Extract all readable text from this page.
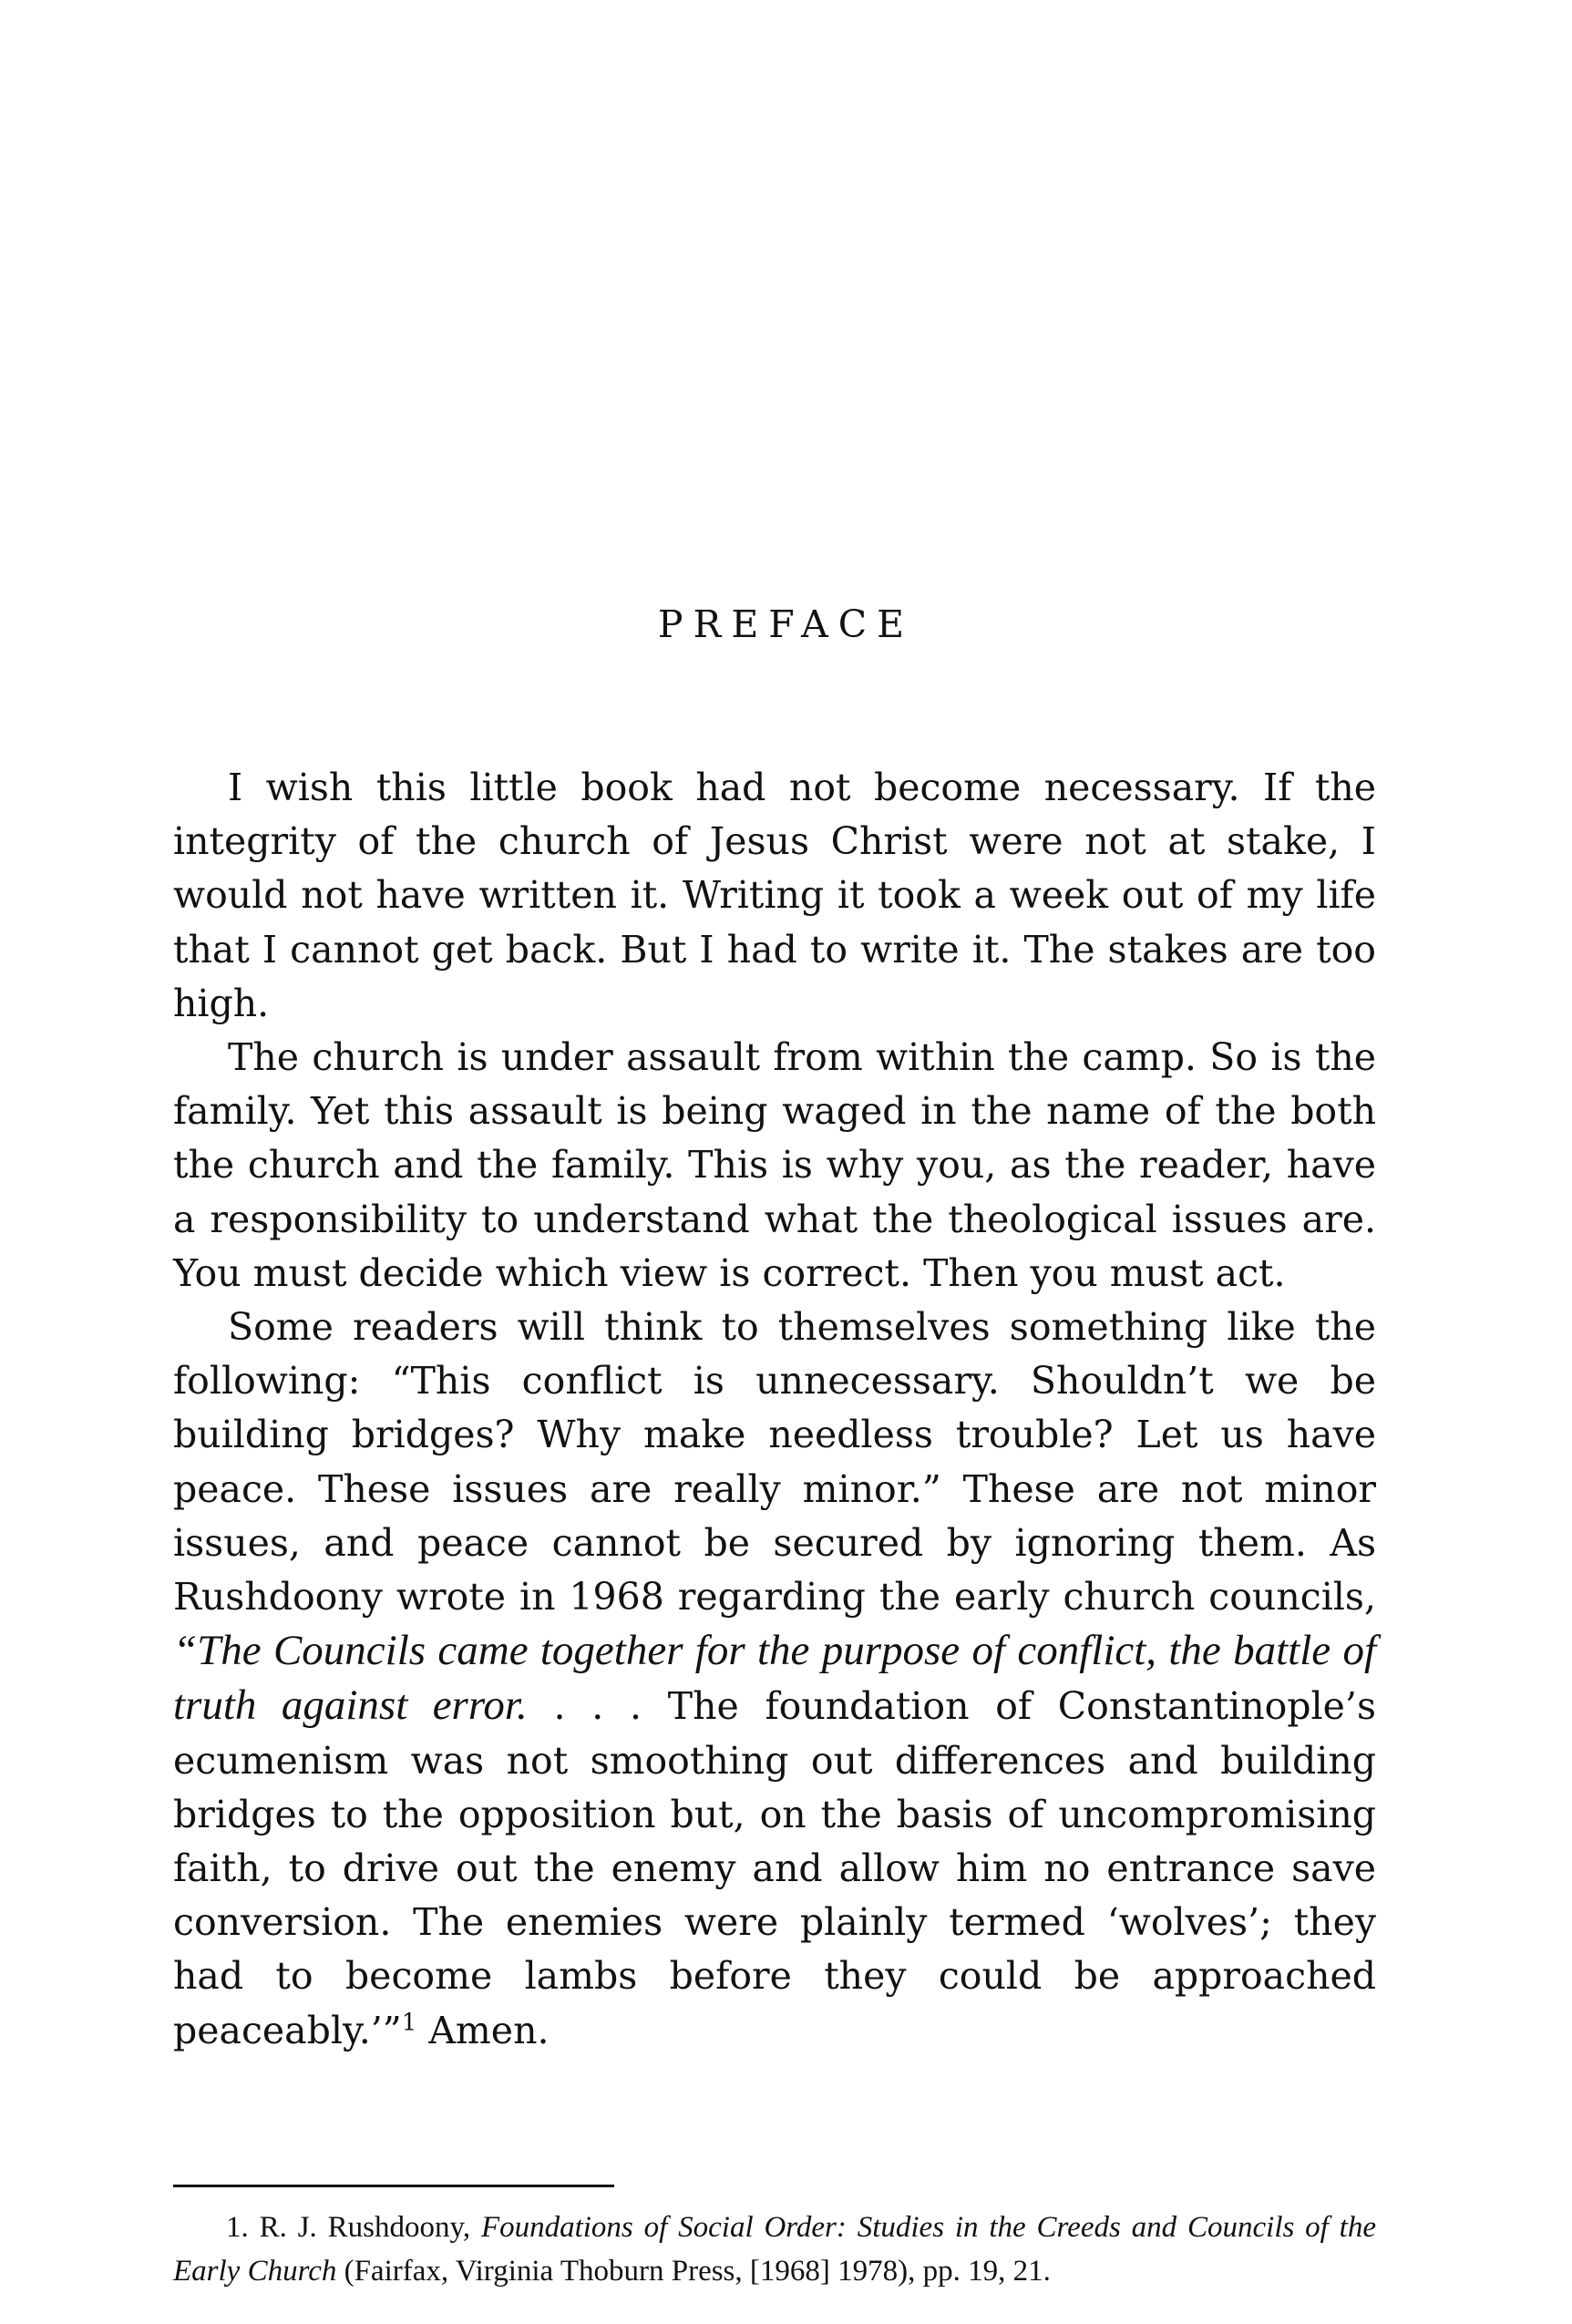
PREFACE

I wish this little book had not become necessary. If the integrity of the church of Jesus Christ were not at stake, I would not have written it. Writing it took a week out of my life that I cannot get back. But I had to write it. The stakes are too high.

The church is under assault from within the camp. So is the family. Yet this assault is being waged in the name of the both the church and the family. This is why you, as the reader, have a responsibility to understand what the theological issues are. You must decide which view is correct. Then you must act.

Some readers will think to themselves something like the following: “This conflict is unnecessary. Shouldn’t we be building bridges? Why make needless trouble? Let us have peace. These issues are really minor.” These are not minor issues, and peace cannot be secured by ignoring them. As Rushdoony wrote in 1968 regarding the early church councils, “The Councils came together for the purpose of conflict, the battle of truth against error. . . . The foundation of Constantinople’s ecumenism was not smoothing out differences and building bridges to the opposition but, on the basis of uncompromising faith, to drive out the enemy and allow him no entrance save conversion. The enemies were plainly termed ‘wolves’; they had to become lambs before they could be approached peaceably.’”$^1$ Amen.

1. R. J. Rushdoony, Foundations of Social Order: Studies in the Creeds and Councils of the Early Church (Fairfax, Virginia Thoburn Press, [1968] 1978), pp. 19, 21.
